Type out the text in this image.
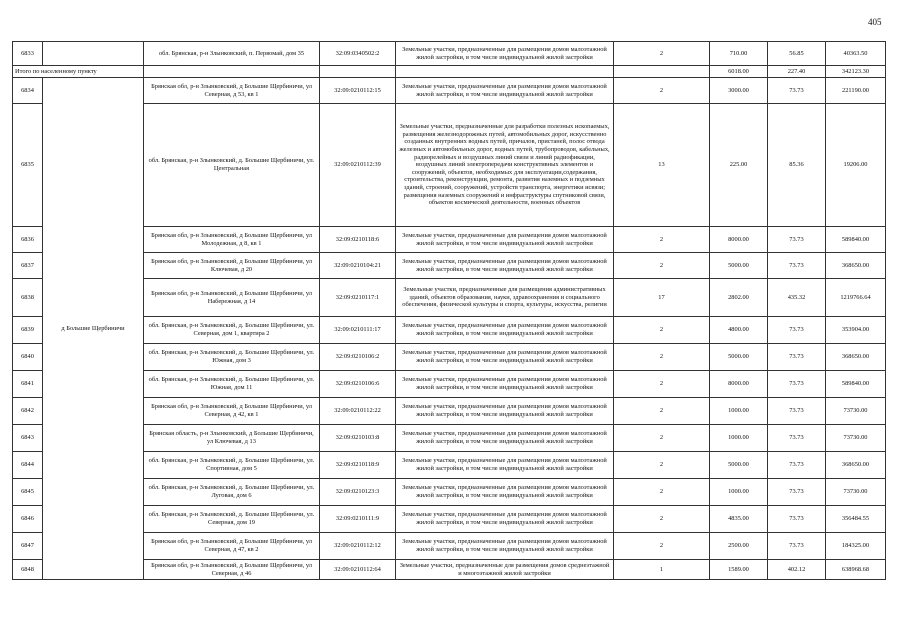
405
6833		обл. Брянская, р-н Злынковский, п. Первомай, дом 35	32:09:0340502:2	Земельные участки, предназначенные для размещения домов малоэтажной жилой застройки, в том числе индивидуальной жилой застройки	2	710.00	56.85	40363.50
Итого по населенному пункту						6018.00	227.40	342123.30
6834	д Большие Щербиничи	Брянская обл, р-н Злынковский, д Большие Щербиничи, ул Северная, д 53, кв 1	32:09:0210112:15	Земельные участки, предназначенные для размещения домов малоэтажной жилой застройки, в том числе индивидуальной жилой застройки	2	3000.00	73.73	221190.00
6835		обл. Брянская, р-н Злынковский, д. Большие Щербиничи, ул. Центральная	32:09:0210112:39	Земельные участки, предназначенные для разработки полезных ископаемых, размещения железнодорожных путей, автомобильных дорог, искусственно созданных внутренних водных путей, причалов, пристаней, полос отвода железных и автомобильных дорог, водных путей, трубопроводов, кабельных, радиорелейных и воздушных линий связи и линий радиофикации, воздушных линий электропередачи конструктивных элементов и сооружений, объектов, необходимых для эксплуатации,содержания, строительства, реконструкции, ремонта, развития наземных и подземных зданий, строений, сооружений, устройств транспорта, энергетики исвязи; размещения наземных сооружений и инфраструктуры спутниковой связи, объектов космической деятельности, военных объектов	13	225.00	85.36	19206.00
6836		Брянская обл, р-н Злынковский, д Большие Щербиничи, ул Молодежная, д 8, кв 1	32:09:0210118:6	Земельные участки, предназначенные для размещения домов малоэтажной жилой застройки, в том числе индивидуальной жилой застройки	2	8000.00	73.73	589840.00
6837		Брянская обл, р-н Злынковский, д Большие Щербиничи, ул Ключевая, д 20	32:09:0210104:21	Земельные участки, предназначенные для размещения домов малоэтажной жилой застройки, в том числе индивидуальной жилой застройки	2	5000.00	73.73	368650.00
6838		Брянская обл, р-н Злынковский, д Большие Щербиничи, ул Набережная, д 14	32:09:0210117:1	Земельные участки, предназначенные для размещения административных зданий, объектов образования, науки, здравоохранения и социального обеспечения, физической культуры и спорта, культуры, искусства, религии	17	2802.00	435.32	1219766.64
6839		обл. Брянская, р-н Злынковский, д. Большие Щербиничи, ул. Северная, дом 1, квартира 2	32:09:0210111:17	Земельные участки, предназначенные для размещения домов малоэтажной жилой застройки, в том числе индивидуальной жилой застройки	2	4800.00	73.73	353904.00
6840		обл. Брянская, р-н Злынковский, д. Большие Щербиничи, ул. Южная, дом 3	32:09:0210106:2	Земельные участки, предназначенные для размещения домов малоэтажной жилой застройки, в том числе индивидуальной жилой застройки	2	5000.00	73.73	368650.00
6841		обл. Брянская, р-н Злынковский, д. Большие Щербиничи, ул. Южная, дом 11	32:09:0210106:6	Земельные участки, предназначенные для размещения домов малоэтажной жилой застройки, в том числе индивидуальной жилой застройки	2	8000.00	73.73	589840.00
6842		Брянская обл, р-н Злынковский, д Большие Щербиничи, ул Северная, д 42, кв 1	32:09:0210112:22	Земельные участки, предназначенные для размещения домов малоэтажной жилой застройки, в том числе индивидуальной жилой застройки	2	1000.00	73.73	73730.00
6843		Брянская область, р-н Злынковский, д Большие Щербиничи, ул Ключевая, д 13	32:09:0210103:8	Земельные участки, предназначенные для размещения домов малоэтажной жилой застройки, в том числе индивидуальной жилой застройки	2	1000.00	73.73	73730.00
6844		обл. Брянская, р-н Злынковский, д. Большие Щербиничи, ул. Спортивная, дом 5	32:09:0210118:9	Земельные участки, предназначенные для размещения домов малоэтажной жилой застройки, в том числе индивидуальной жилой застройки	2	5000.00	73.73	368650.00
6845		обл. Брянская, р-н Злынковский, д. Большие Щербиничи, ул. Луговая, дом 6	32:09:0210123:3	Земельные участки, предназначенные для размещения домов малоэтажной жилой застройки, в том числе индивидуальной жилой застройки	2	1000.00	73.73	73730.00
6846		обл. Брянская, р-н Злынковский, д. Большие Щербиничи, ул. Северная, дом 19	32:09:0210111:9	Земельные участки, предназначенные для размещения домов малоэтажной жилой застройки, в том числе индивидуальной жилой застройки	2	4835.00	73.73	356484.55
6847		Брянская обл, р-н Злынковский, д Большие Щербиничи, ул Северная, д 47, кв 2	32:09:0210112:12	Земельные участки, предназначенные для размещения домов малоэтажной жилой застройки, в том числе индивидуальной жилой застройки	2	2500.00	73.73	184325.00
6848		Брянская обл, р-н Злынковский, д Большие Щербиничи, ул Северная, д 46	32:09:0210112:64	Земельные участки, предназначенные для размещения домов среднеэтажной и многоэтажной жилой застройки	1	1589.00	402.12	638968.68
